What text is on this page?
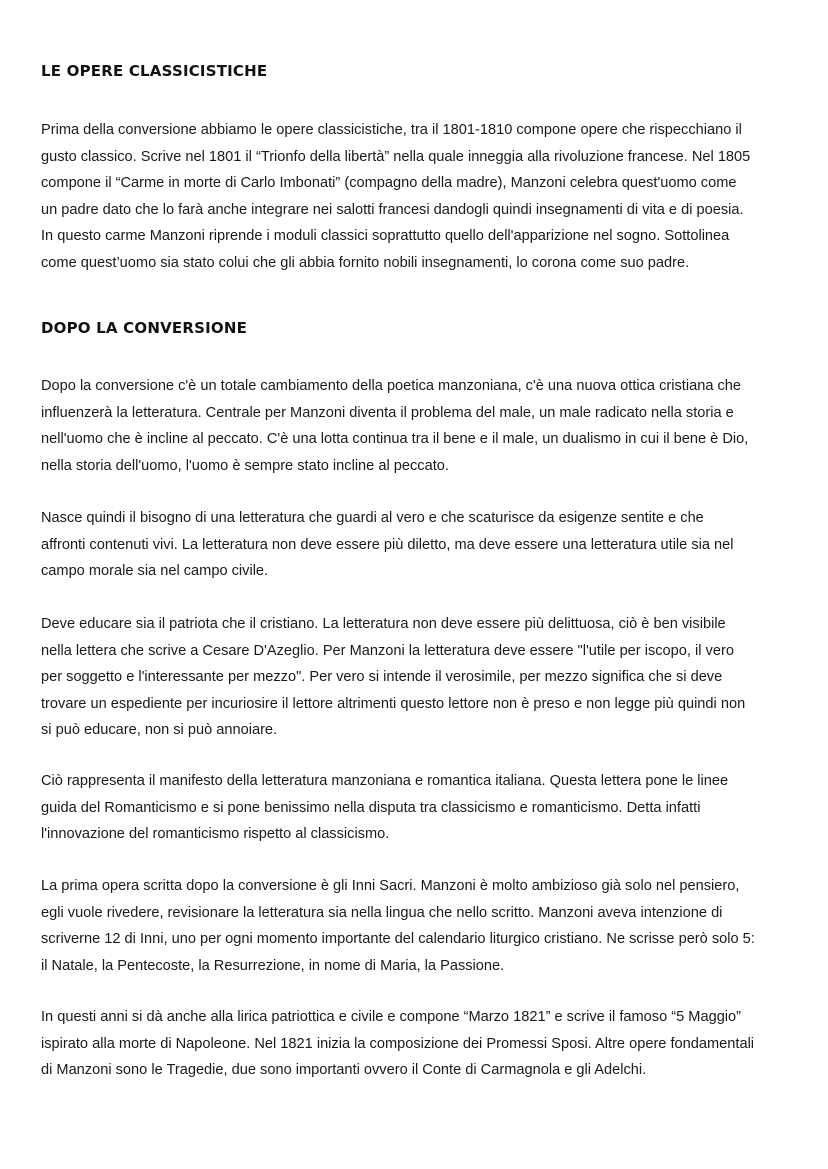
LE OPERE CLASSICISTICHE

Prima della conversione abbiamo le opere classicistiche, tra il 1801-1810 compone opere che rispecchiano il
gusto classico. Scrive nel 1801 il “Trionfo della libertà” nella quale inneggia alla rivoluzione francese. Nel 1805
compone il “Carme in morte di Carlo Imbonati” (compagno della madre), Manzoni celebra quest'uomo come
un padre dato che lo farà anche integrare nei salotti francesi dandogli quindi insegnamenti di vita e di poesia.
In questo carme Manzoni riprende i moduli classici soprattutto quello dell'apparizione nel sogno. Sottolinea
come quest’uomo sia stato colui che gli abbia fornito nobili insegnamenti, lo corona come suo padre.

DOPO LA CONVERSIONE

Dopo la conversione c'è un totale cambiamento della poetica manzoniana, c'è una nuova ottica cristiana che
influenzerà la letteratura. Centrale per Manzoni diventa il problema del male, un male radicato nella storia e
nell'uomo che è incline al peccato. C'è una lotta continua tra il bene e il male, un dualismo in cui il bene è Dio,
nella storia dell'uomo, l'uomo è sempre stato incline al peccato.

Nasce quindi il bisogno di una letteratura che guardi al vero e che scaturisce da esigenze sentite e che
affronti contenuti vivi. La letteratura non deve essere più diletto, ma deve essere una letteratura utile sia nel
campo morale sia nel campo civile.

Deve educare sia il patriota che il cristiano. La letteratura non deve essere più delittuosa, ciò è ben visibile
nella lettera che scrive a Cesare D'Azeglio. Per Manzoni la letteratura deve essere "l'utile per iscopo, il vero
per soggetto e l'interessante per mezzo". Per vero si intende il verosimile, per mezzo significa che si deve
trovare un espediente per incuriosire il lettore altrimenti questo lettore non è preso e non legge più quindi non
si può educare, non si può annoiare.

Ciò rappresenta il manifesto della letteratura manzoniana e romantica italiana. Questa lettera pone le linee
guida del Romanticismo e si pone benissimo nella disputa tra classicismo e romanticismo. Detta infatti
l'innovazione del romanticismo rispetto al classicismo.

La prima opera scritta dopo la conversione è gli Inni Sacri. Manzoni è molto ambizioso già solo nel pensiero,
egli vuole rivedere, revisionare la letteratura sia nella lingua che nello scritto. Manzoni aveva intenzione di
scriverne 12 di Inni, uno per ogni momento importante del calendario liturgico cristiano. Ne scrisse però solo 5:
il Natale, la Pentecoste, la Resurrezione, in nome di Maria, la Passione.

In questi anni si dà anche alla lirica patriottica e civile e compone “Marzo 1821” e scrive il famoso “5 Maggio”
ispirato alla morte di Napoleone. Nel 1821 inizia la composizione dei Promessi Sposi. Altre opere fondamentali
di Manzoni sono le Tragedie, due sono importanti ovvero il Conte di Carmagnola e gli Adelchi.
